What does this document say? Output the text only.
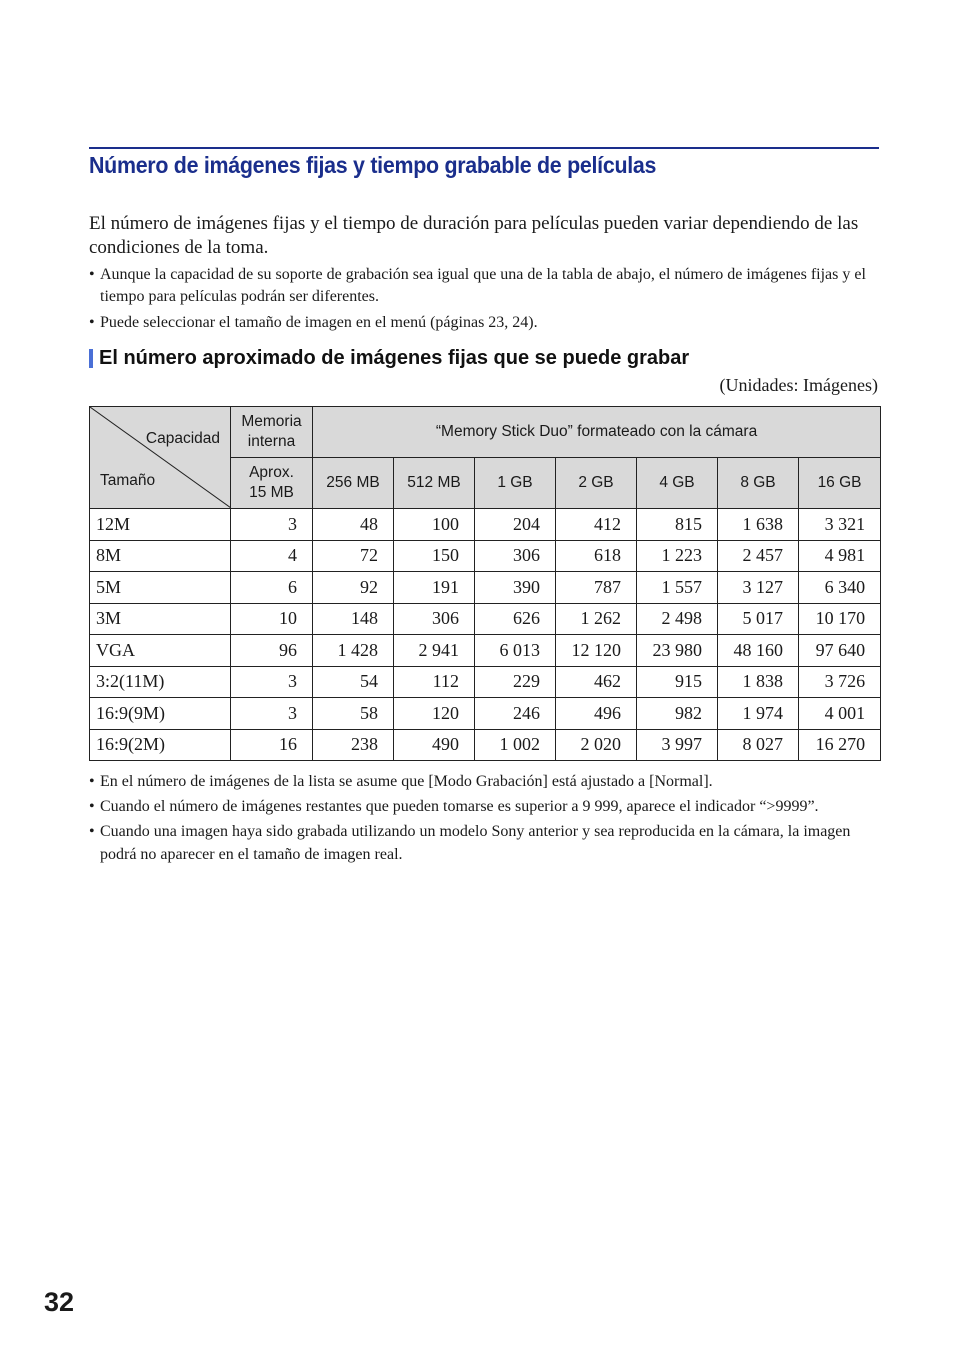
Número de imágenes fijas y tiempo grabable de películas
El número de imágenes fijas y el tiempo de duración para películas pueden variar dependiendo de las condiciones de la toma.
• Aunque la capacidad de su soporte de grabación sea igual que una de la tabla de abajo, el número de imágenes fijas y el tiempo para películas podrán ser diferentes.
• Puede seleccionar el tamaño de imagen en el menú (páginas 23, 24).
El número aproximado de imágenes fijas que se puede grabar
(Unidades: Imágenes)
Capacidad
Tamaño	Memoria interna	“Memory Stick Duo” formateado con la cámara						
	Aprox. 15 MB	256 MB	512 MB	1 GB	2 GB	4 GB	8 GB	16 GB
12M	3	48	100	204	412	815	1 638	3 321
8M	4	72	150	306	618	1 223	2 457	4 981
5M	6	92	191	390	787	1 557	3 127	6 340
3M	10	148	306	626	1 262	2 498	5 017	10 170
VGA	96	1 428	2 941	6 013	12 120	23 980	48 160	97 640
3:2(11M)	3	54	112	229	462	915	1 838	3 726
16:9(9M)	3	58	120	246	496	982	1 974	4 001
16:9(2M)	16	238	490	1 002	2 020	3 997	8 027	16 270
• En el número de imágenes de la lista se asume que [Modo Grabación] está ajustado a [Normal].
• Cuando el número de imágenes restantes que pueden tomarse es superior a 9 999, aparece el indicador “>9999”.
• Cuando una imagen haya sido grabada utilizando un modelo Sony anterior y sea reproducida en la cámara, la imagen podrá no aparecer en el tamaño de imagen real.
32
